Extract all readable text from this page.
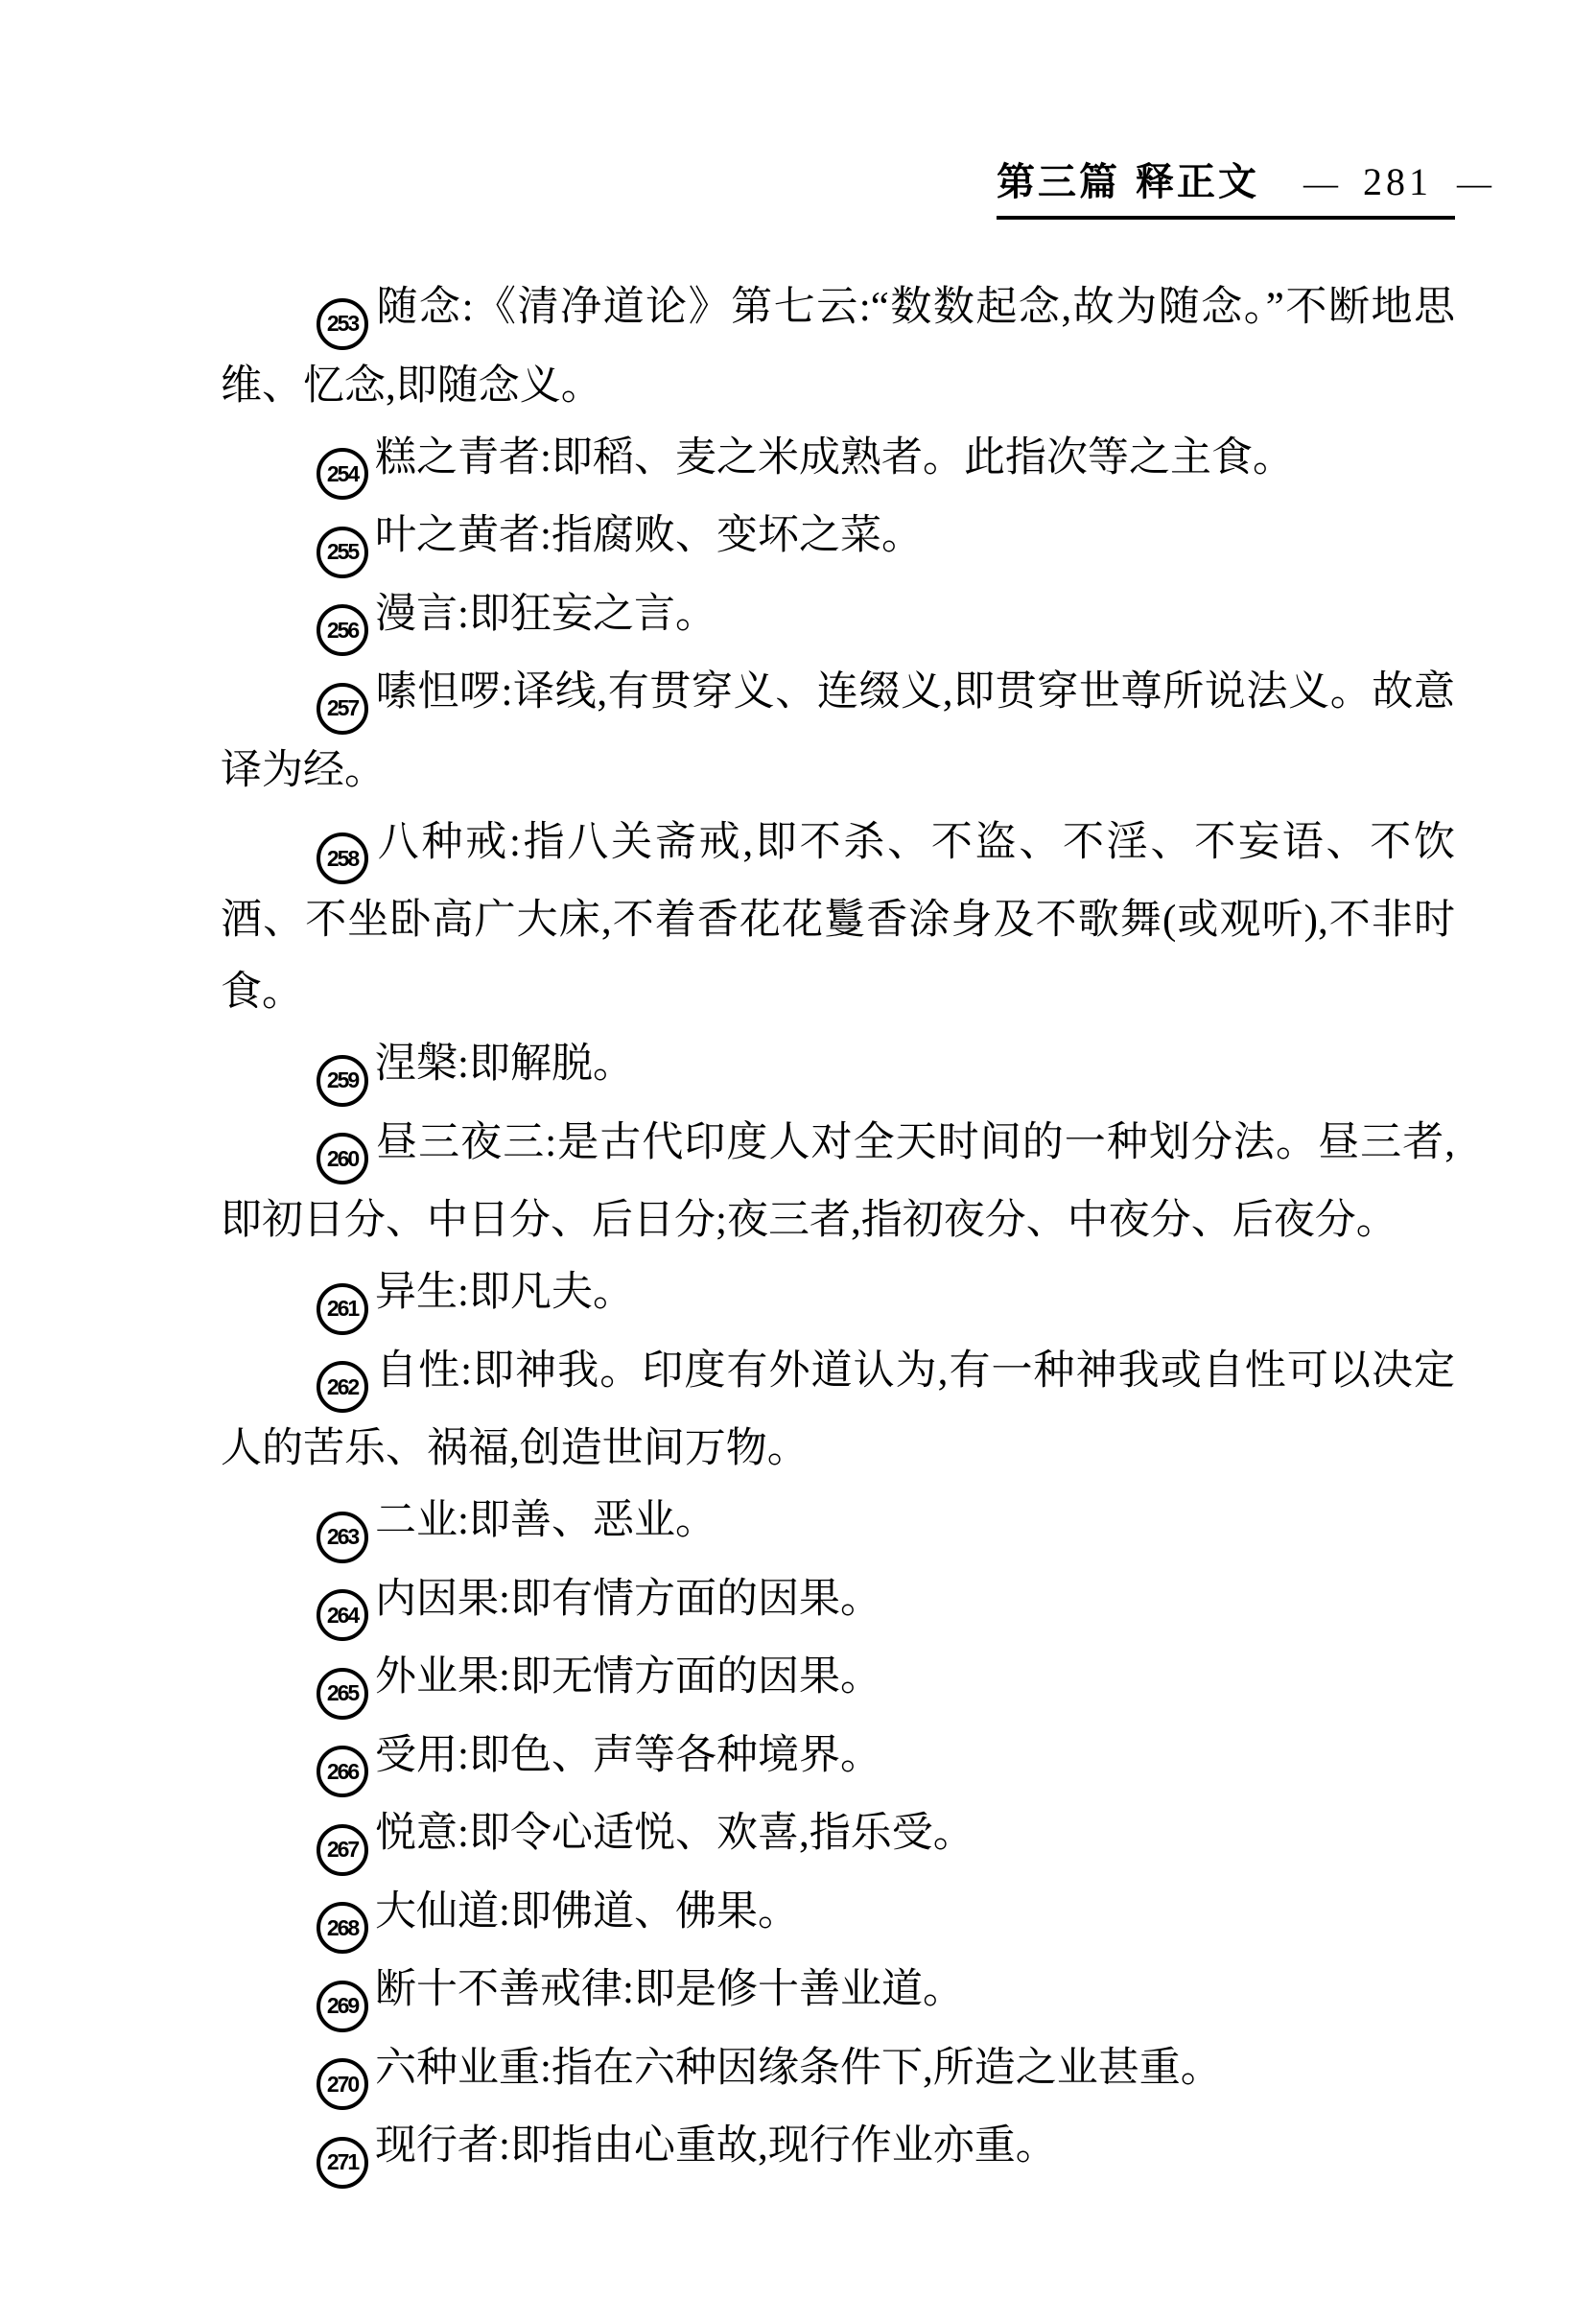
第三篇 释正文 — 281 —

253 随念:《清净道论》第七云:“数数起念,故为随念。”不断地思维、忆念,即随念义。

254 糕之青者:即稻、麦之米成熟者。此指次等之主食。

255 叶之黄者:指腐败、变坏之菜。

256 漫言:即狂妄之言。

257 嗉怛啰:译线,有贯穿义、连缀义,即贯穿世尊所说法义。故意译为经。

258 八种戒:指八关斋戒,即不杀、不盗、不淫、不妄语、不饮酒、不坐卧高广大床,不着香花花鬘香涂身及不歌舞(或观听),不非时食。

259 涅槃:即解脱。

260 昼三夜三:是古代印度人对全天时间的一种划分法。昼三者,即初日分、中日分、后日分;夜三者,指初夜分、中夜分、后夜分。

261 异生:即凡夫。

262 自性:即神我。印度有外道认为,有一种神我或自性可以决定人的苦乐、祸福,创造世间万物。

263 二业:即善、恶业。

264 内因果:即有情方面的因果。

265 外业果:即无情方面的因果。

266 受用:即色、声等各种境界。

267 悦意:即令心适悦、欢喜,指乐受。

268 大仙道:即佛道、佛果。

269 断十不善戒律:即是修十善业道。

270 六种业重:指在六种因缘条件下,所造之业甚重。

271 现行者:即指由心重故,现行作业亦重。
